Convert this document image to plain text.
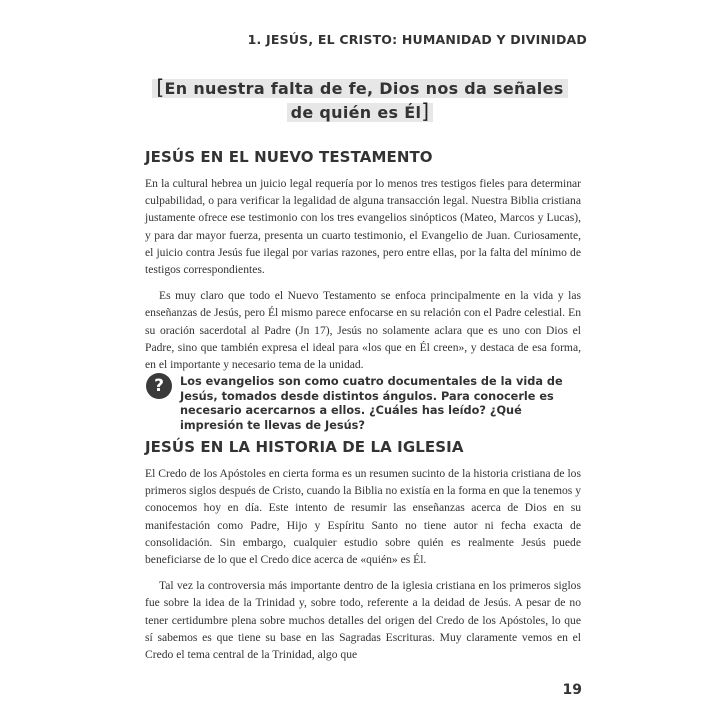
1. JESÚS, EL CRISTO: HUMANIDAD Y DIVINIDAD
[En nuestra falta de fe, Dios nos da señales de quién es Él]
JESÚS EN EL NUEVO TESTAMENTO

En la cultural hebrea un juicio legal requería por lo menos tres testigos fieles para determinar culpabilidad, o para verificar la legalidad de alguna transacción legal. Nuestra Biblia cristiana justamente ofrece ese testimonio con los tres evangelios sinópticos (Mateo, Marcos y Lucas), y para dar mayor fuerza, presenta un cuarto testimonio, el Evangelio de Juan. Curiosamente, el juicio contra Jesús fue ilegal por varias razones, pero entre ellas, por la falta del mínimo de testigos correspondientes.

Es muy claro que todo el Nuevo Testamento se enfoca principalmente en la vida y las enseñanzas de Jesús, pero Él mismo parece enfocarse en su relación con el Padre celestial. En su oración sacerdotal al Padre (Jn 17), Jesús no solamente aclara que es uno con Dios el Padre, sino que también expresa el ideal para «los que en Él creen», y destaca de esa forma, en el importante y necesario tema de la unidad.

?	Los evangelios son como cuatro documentales de la vida de Jesús, tomados desde distintos ángulos. Para conocerle es necesario acercarnos a ellos. ¿Cuáles has leído? ¿Qué impresión te llevas de Jesús?
JESÚS EN LA HISTORIA DE LA IGLESIA

El Credo de los Apóstoles en cierta forma es un resumen sucinto de la historia cristiana de los primeros siglos después de Cristo, cuando la Biblia no existía en la forma en que la tenemos y conocemos hoy en día. Este intento de resumir las enseñanzas acerca de Dios en su manifestación como Padre, Hijo y Espíritu Santo no tiene autor ni fecha exacta de consolidación. Sin embargo, cualquier estudio sobre quién es realmente Jesús puede beneficiarse de lo que el Credo dice acerca de «quién» es Él.

Tal vez la controversia más importante dentro de la iglesia cristiana en los primeros siglos fue sobre la idea de la Trinidad y, sobre todo, referente a la deidad de Jesús. A pesar de no tener certidumbre plena sobre muchos detalles del origen del Credo de los Apóstoles, lo que sí sabemos es que tiene su base en las Sagradas Escrituras. Muy claramente vemos en el Credo el tema central de la Trinidad, algo que

19
